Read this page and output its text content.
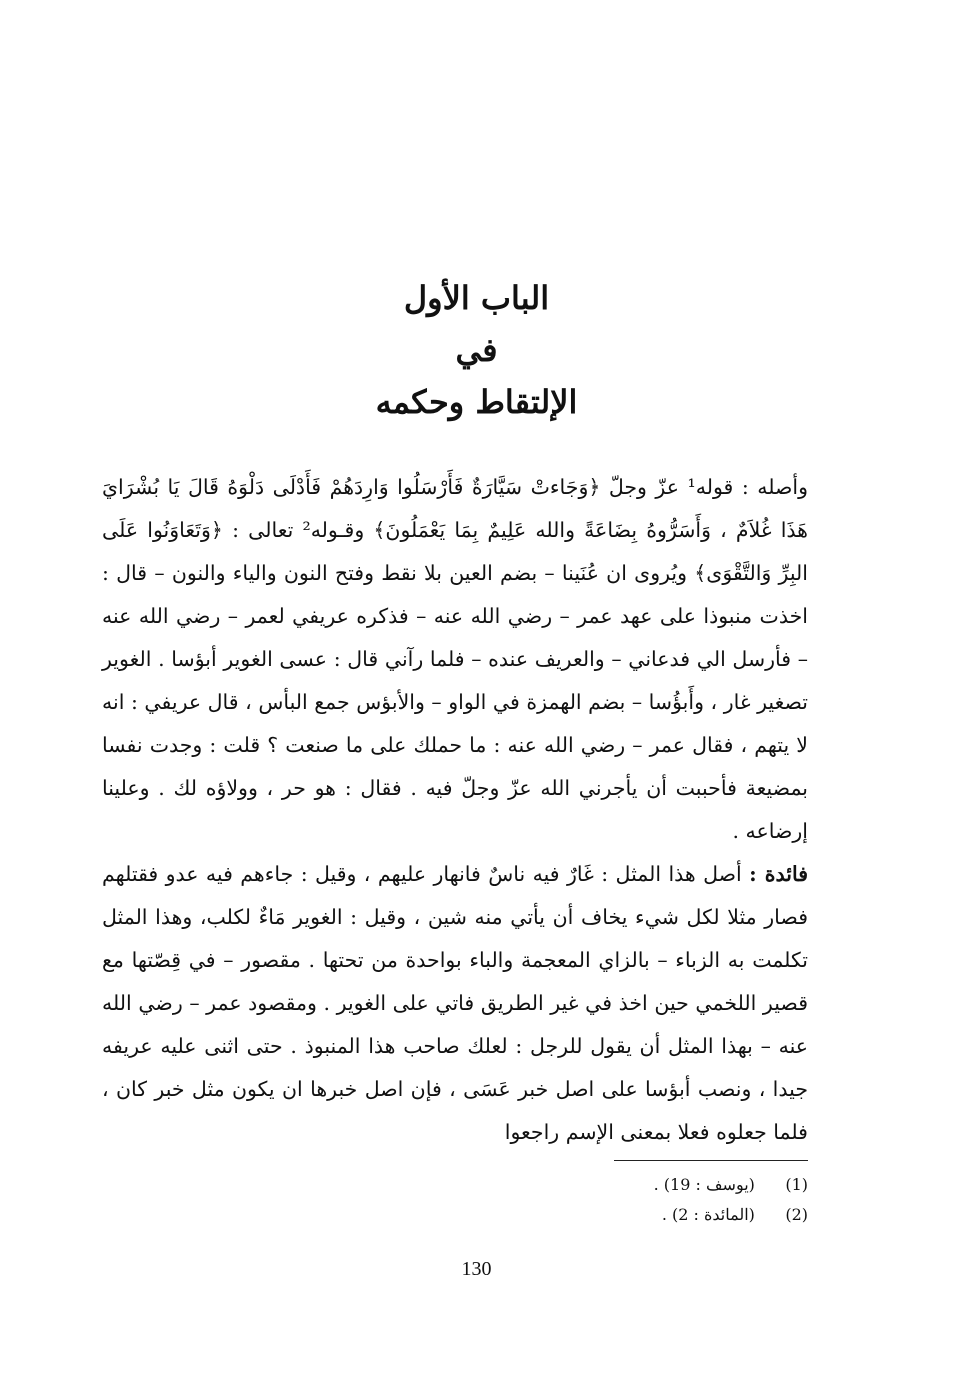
الباب الأول
في
الإلتقاط وحكمه

وأصله : قوله¹ عزّ وجلّ ﴿وَجَاءتْ سَيَّارَةٌ فَأَرْسَلُوا وَارِدَهُمْ فَأَدْلَى دَلْوَهُ قَالَ يَا بُشْرَايَ هَذَا غُلاَمٌ ، وَأَسَرُّوهُ بِضَاعَةً والله عَلِيمٌ بِمَا يَعْمَلُونَ﴾ وقـوله² تعالى : ﴿وَتَعَاوَنُوا عَلَى البِرِّ وَالتَّقْوَى﴾ ويُروى ان عُنَينا – بضم العين بلا نقط وفتح النون والياء والنون – قال : اخذت منبوذا على عهد عمر – رضي الله عنه – فذكره عريفي لعمر – رضي الله عنه – فأرسل الي فدعاني – والعريف عنده – فلما رآني قال : عسى الغوير أبؤسا . الغوير تصغير غار ، وأَبؤُسا – بضم الهمزة في الواو – والأبؤس جمع البأس ، قال عريفي : انه لا يتهم ، فقال عمر – رضي الله عنه : ما حملك على ما صنعت ؟ قلت : وجدت نفسا بمضيعة فأحببت أن يأجرني الله عزّ وجلّ فيه . فقال : هو حر ، وولاؤه لك . وعلينا إرضاعه .

فائدة : أصل هذا المثل : غَارٌ فيه ناسٌ فانهار عليهم ، وقيل : جاءهم فيه عدو فقتلهم فصار مثلا لكل شيء يخاف أن يأتي منه شين ، وقيل : الغوير مَاءٌ لكلب، وهذا المثل تكلمت به الزباء – بالزاي المعجمة والباء بواحدة من تحتها . مقصور – في قِصّتها مع قصير اللخمي حين اخذ في غير الطريق فاتي على الغوير . ومقصود عمر – رضي الله عنه – بهذا المثل أن يقول للرجل : لعلك صاحب هذا المنبوذ . حتى اثنى عليه عريفه جيدا ، ونصب أبؤسا على اصل خبر عَسَى ، فإن اصل خبرها ان يكون مثل خبر كان ، فلما جعلوه فعلا بمعنى الإسم راجعوا

(1) (يوسف : 19) .
(2) (المائدة : 2) .
130
